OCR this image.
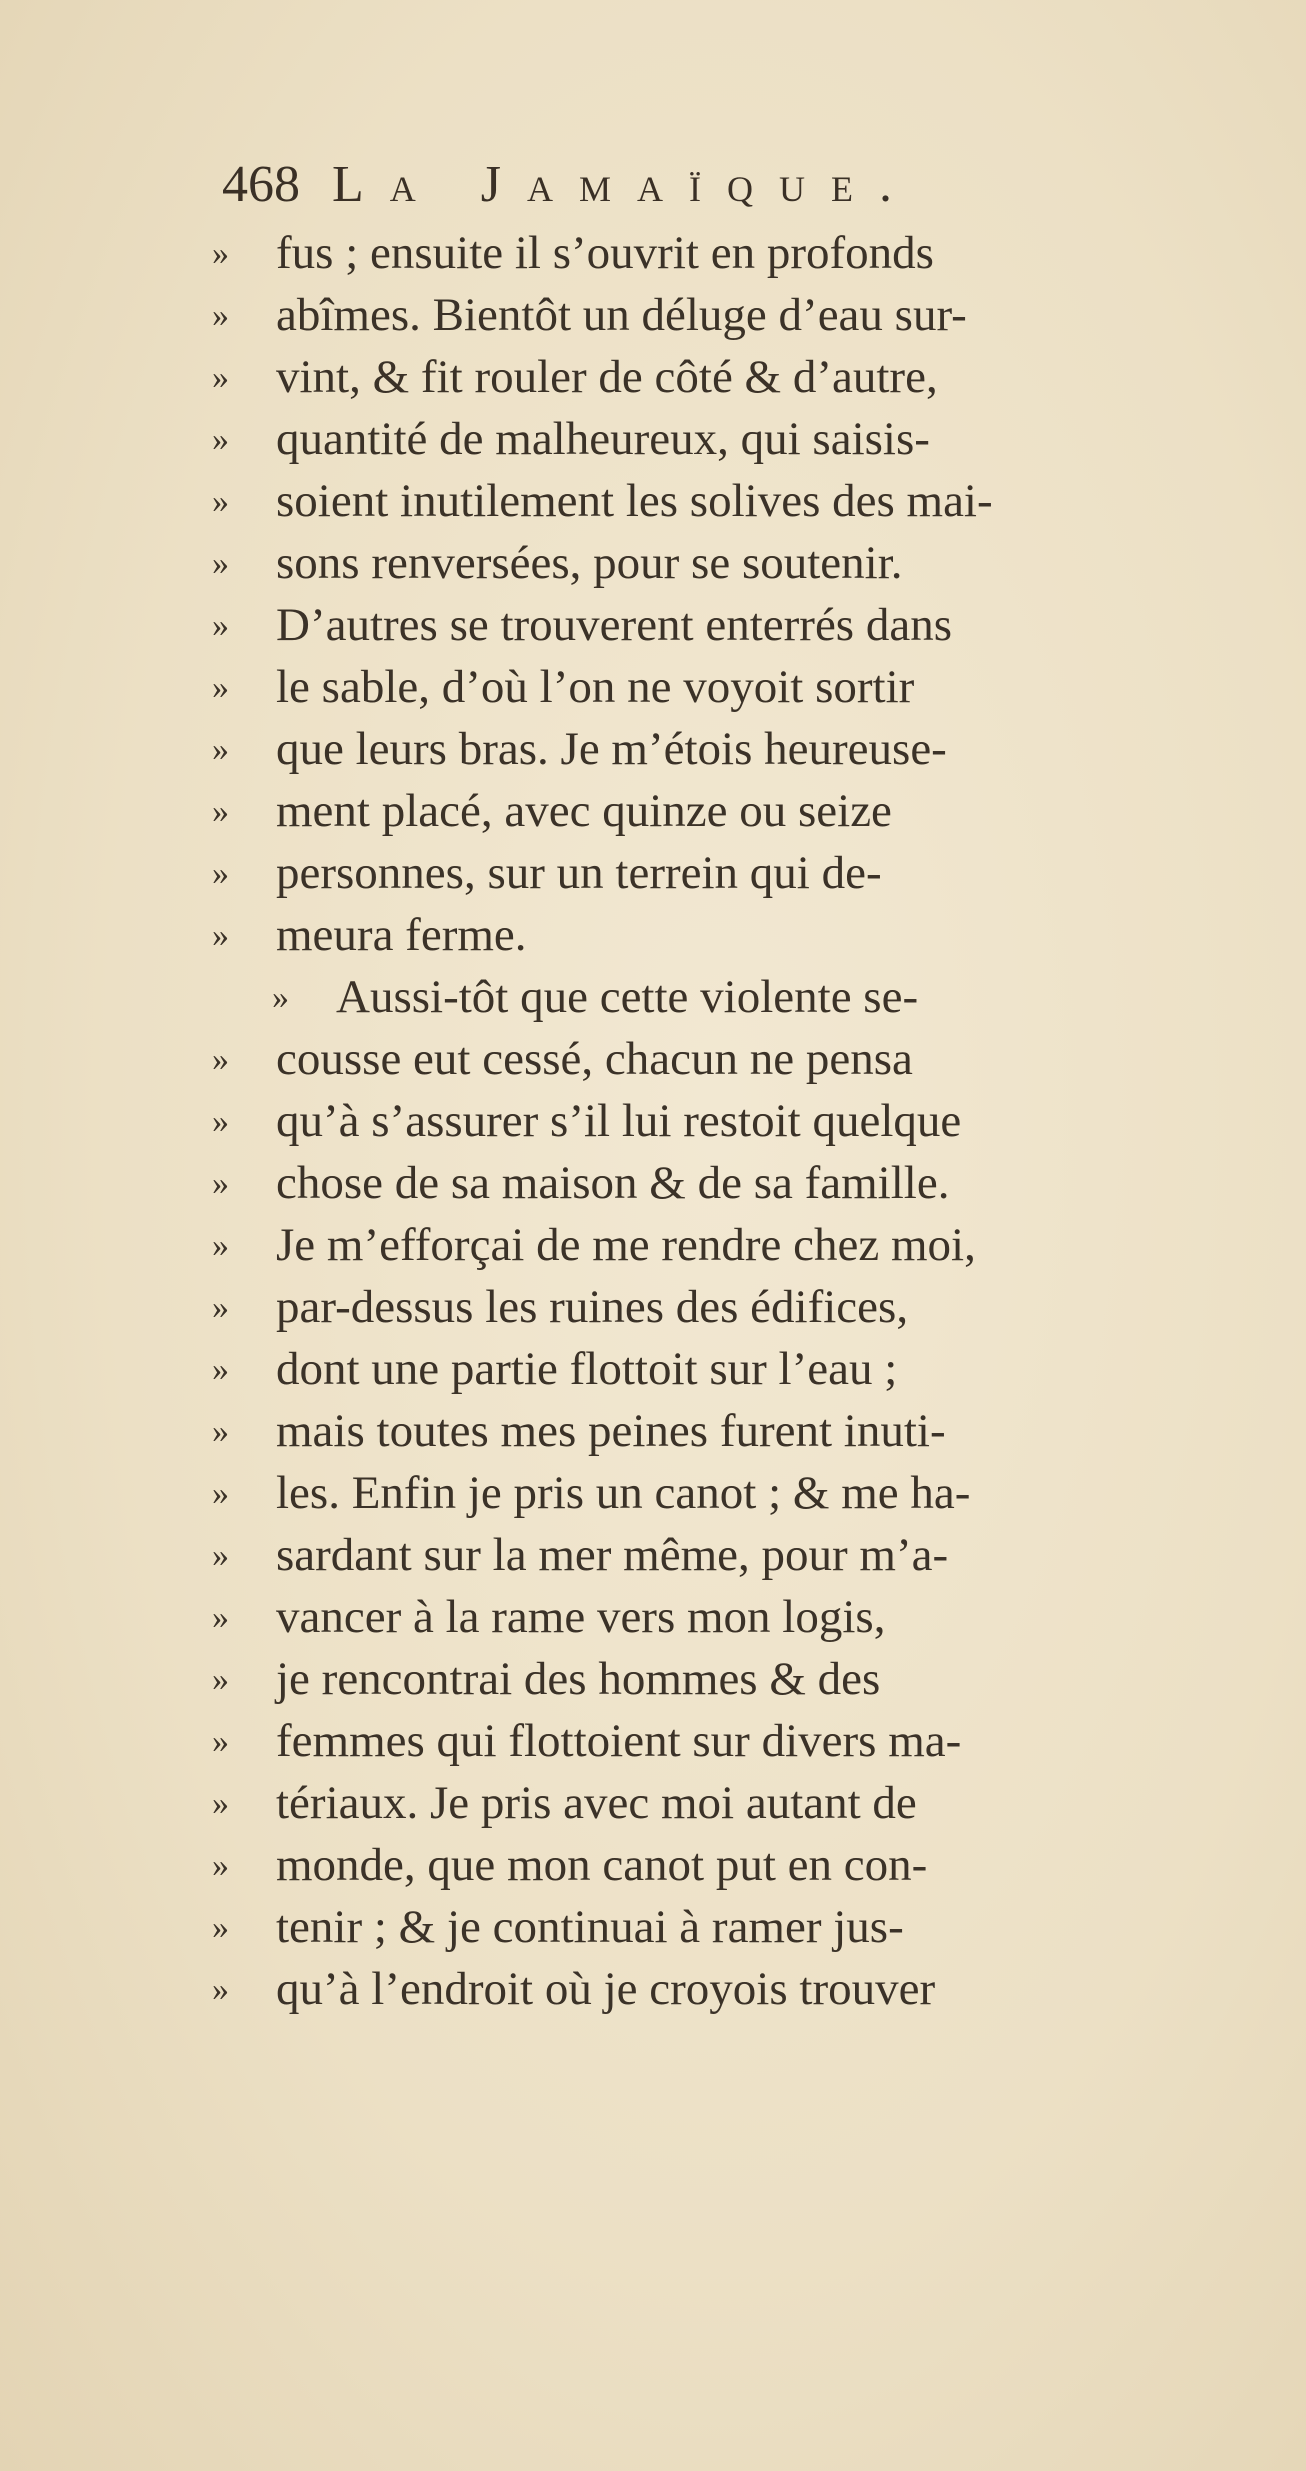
468 La Jamaïque.
» fus ; ensuite il s’ouvrit en profonds
» abîmes. Bientôt un déluge d’eau sur-
» vint, & fit rouler de côté & d’autre,
» quantité de malheureux, qui saisis-
» soient inutilement les solives des mai-
» sons renversées, pour se soutenir.
» D’autres se trouverent enterrés dans
» le sable, d’où l’on ne voyoit sortir
» que leurs bras. Je m’étois heureuse-
» ment placé, avec quinze ou seize
» personnes, sur un terrein qui de-
» meura ferme.
» Aussi-tôt que cette violente se-
» cousse eut cessé, chacun ne pensa
» qu’à s’assurer s’il lui restoit quelque
» chose de sa maison & de sa famille.
» Je m’efforçai de me rendre chez moi,
» par-dessus les ruines des édifices,
» dont une partie flottoit sur l’eau ;
» mais toutes mes peines furent inuti-
» les. Enfin je pris un canot ; & me ha-
» sardant sur la mer même, pour m’a-
» vancer à la rame vers mon logis,
» je rencontrai des hommes & des
» femmes qui flottoient sur divers ma-
» tériaux. Je pris avec moi autant de
» monde, que mon canot put en con-
» tenir ; & je continuai à ramer jus-
» qu’à l’endroit où je croyois trouver
